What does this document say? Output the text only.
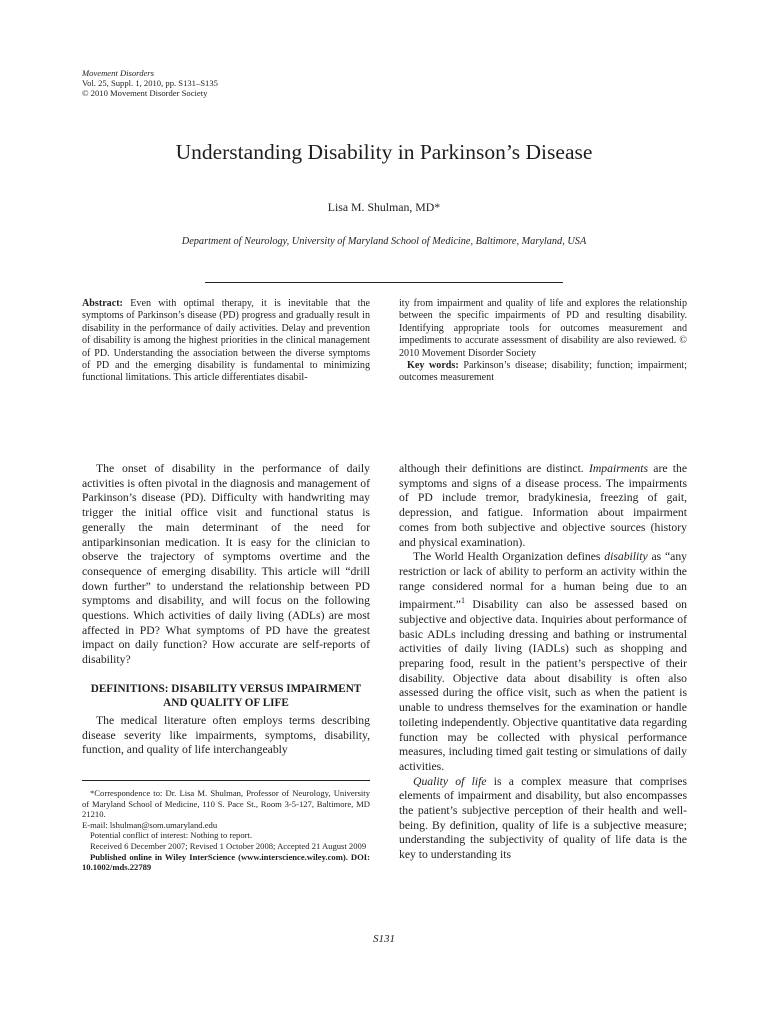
Movement Disorders
Vol. 25, Suppl. 1, 2010, pp. S131–S135
© 2010 Movement Disorder Society
Understanding Disability in Parkinson’s Disease
Lisa M. Shulman, MD*
Department of Neurology, University of Maryland School of Medicine, Baltimore, Maryland, USA

Abstract: Even with optimal therapy, it is inevitable that the symptoms of Parkinson’s disease (PD) progress and gradually result in disability in the performance of daily activities. Delay and prevention of disability is among the highest priorities in the clinical management of PD. Understanding the association between the diverse symptoms of PD and the emerging disability is fundamental to minimizing functional limitations. This article differentiates disabil-

ity from impairment and quality of life and explores the relationship between the specific impairments of PD and resulting disability. Identifying appropriate tools for outcomes measurement and impediments to accurate assessment of disability are also reviewed. © 2010 Movement Disorder Society

Key words: Parkinson’s disease; disability; function; impairment; outcomes measurement

The onset of disability in the performance of daily activities is often pivotal in the diagnosis and management of Parkinson’s disease (PD). Difficulty with handwriting may trigger the initial office visit and functional status is generally the main determinant of the need for antiparkinsonian medication. It is easy for the clinician to observe the trajectory of symptoms overtime and the consequence of emerging disability. This article will “drill down further” to understand the relationship between PD symptoms and disability, and will focus on the following questions. Which activities of daily living (ADLs) are most affected in PD? What symptoms of PD have the greatest impact on daily function? How accurate are self-reports of disability?

DEFINITIONS: DISABILITY VERSUS IMPAIRMENT AND QUALITY OF LIFE

The medical literature often employs terms describing disease severity like impairments, symptoms, disability, function, and quality of life interchangeably

*Correspondence to: Dr. Lisa M. Shulman, Professor of Neurology, University of Maryland School of Medicine, 110 S. Pace St., Room 3-5-127, Baltimore, MD 21210.

E-mail: lshulman@som.umaryland.edu

Potential conflict of interest: Nothing to report.

Received 6 December 2007; Revised 1 October 2008; Accepted 21 August 2009

Published online in Wiley InterScience (www.interscience.wiley.com). DOI: 10.1002/mds.22789

although their definitions are distinct. Impairments are the symptoms and signs of a disease process. The impairments of PD include tremor, bradykinesia, freezing of gait, depression, and fatigue. Information about impairment comes from both subjective and objective sources (history and physical examination).

The World Health Organization defines disability as “any restriction or lack of ability to perform an activity within the range considered normal for a human being due to an impairment.”$^1$ Disability can also be assessed based on subjective and objective data. Inquiries about performance of basic ADLs including dressing and bathing or instrumental activities of daily living (IADLs) such as shopping and preparing food, result in the patient’s perspective of their disability. Objective data about disability is often also assessed during the office visit, such as when the patient is unable to undress themselves for the examination or handle toileting independently. Objective quantitative data regarding function may be collected with physical performance measures, including timed gait testing or simulations of daily activities.

Quality of life is a complex measure that comprises elements of impairment and disability, but also encompasses the patient’s subjective perception of their health and well-being. By definition, quality of life is a subjective measure; understanding the subjectivity of quality of life data is the key to understanding its

S131
